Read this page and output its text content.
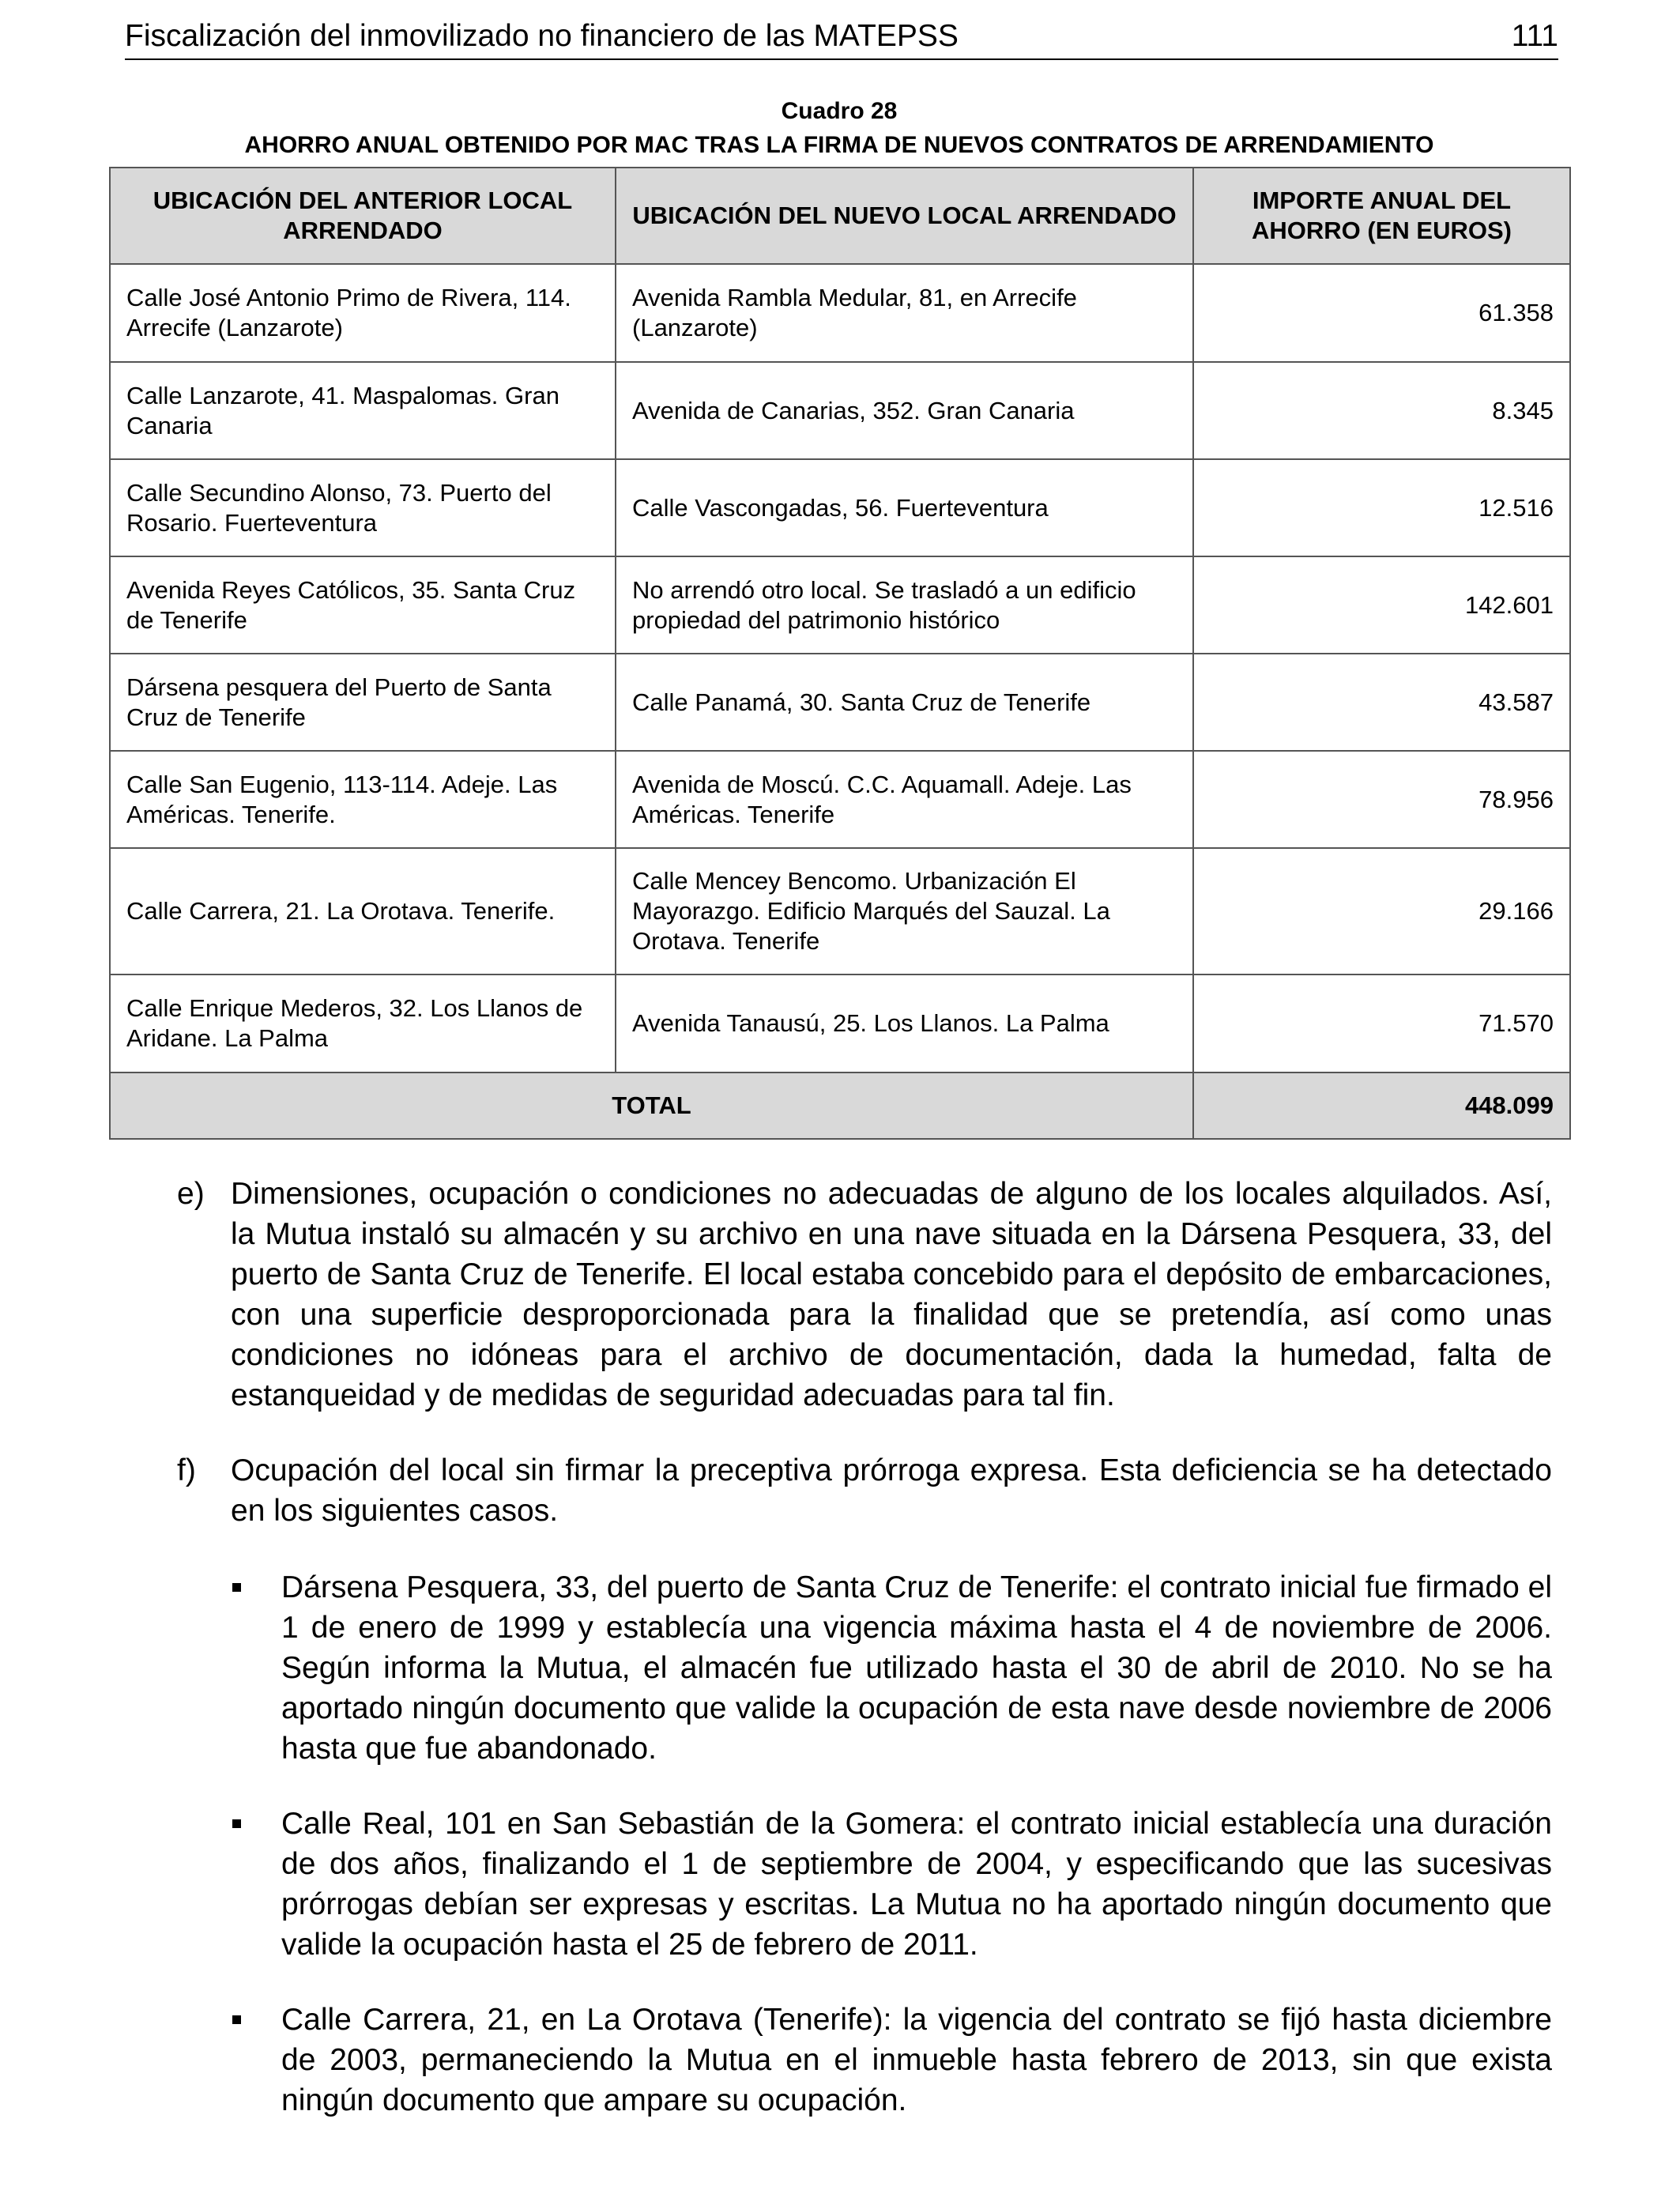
Fiscalización del inmovilizado no financiero de las MATEPSS	111
Cuadro 28
AHORRO ANUAL OBTENIDO POR MAC TRAS LA FIRMA DE NUEVOS CONTRATOS DE ARRENDAMIENTO
UBICACIÓN DEL ANTERIOR LOCAL ARRENDADO	UBICACIÓN DEL NUEVO LOCAL ARRENDADO	IMPORTE ANUAL DEL AHORRO (EN EUROS)
Calle José Antonio Primo de Rivera, 114. Arrecife (Lanzarote)	Avenida Rambla Medular, 81, en Arrecife (Lanzarote)	61.358
Calle Lanzarote, 41. Maspalomas. Gran Canaria	Avenida de Canarias, 352. Gran Canaria	8.345
Calle Secundino Alonso, 73. Puerto del Rosario. Fuerteventura	Calle Vascongadas, 56. Fuerteventura	12.516
Avenida Reyes Católicos, 35. Santa Cruz de Tenerife	No arrendó otro local. Se trasladó a un edificio propiedad del patrimonio histórico	142.601
Dársena pesquera del Puerto de Santa Cruz de Tenerife	Calle Panamá, 30. Santa Cruz de Tenerife	43.587
Calle San Eugenio, 113-114. Adeje. Las Américas. Tenerife.	Avenida de Moscú. C.C. Aquamall. Adeje. Las Américas. Tenerife	78.956
Calle Carrera, 21. La Orotava. Tenerife.	Calle Mencey Bencomo. Urbanización El Mayorazgo. Edificio Marqués del Sauzal. La Orotava. Tenerife	29.166
Calle Enrique Mederos, 32. Los Llanos de Aridane. La Palma	Avenida Tanausú, 25. Los Llanos. La Palma	71.570
TOTAL		448.099
e) Dimensiones, ocupación o condiciones no adecuadas de alguno de los locales alquilados. Así, la Mutua instaló su almacén y su archivo en una nave situada en la Dársena Pesquera, 33, del puerto de Santa Cruz de Tenerife. El local estaba concebido para el depósito de embarcaciones, con una superficie desproporcionada para la finalidad que se pretendía, así como unas condiciones no idóneas para el archivo de documentación, dada la humedad, falta de estanqueidad y de medidas de seguridad adecuadas para tal fin.
f) Ocupación del local sin firmar la preceptiva prórroga expresa. Esta deficiencia se ha detectado en los siguientes casos.
Dársena Pesquera, 33, del puerto de Santa Cruz de Tenerife: el contrato inicial fue firmado el 1 de enero de 1999 y establecía una vigencia máxima hasta el 4 de noviembre de 2006. Según informa la Mutua, el almacén fue utilizado hasta el 30 de abril de 2010. No se ha aportado ningún documento que valide la ocupación de esta nave desde noviembre de 2006 hasta que fue abandonado.
Calle Real, 101 en San Sebastián de la Gomera: el contrato inicial establecía una duración de dos años, finalizando el 1 de septiembre de 2004, y especificando que las sucesivas prórrogas debían ser expresas y escritas. La Mutua no ha aportado ningún documento que valide la ocupación hasta el 25 de febrero de 2011.
Calle Carrera, 21, en La Orotava (Tenerife): la vigencia del contrato se fijó hasta diciembre de 2003, permaneciendo la Mutua en el inmueble hasta febrero de 2013, sin que exista ningún documento que ampare su ocupación.
